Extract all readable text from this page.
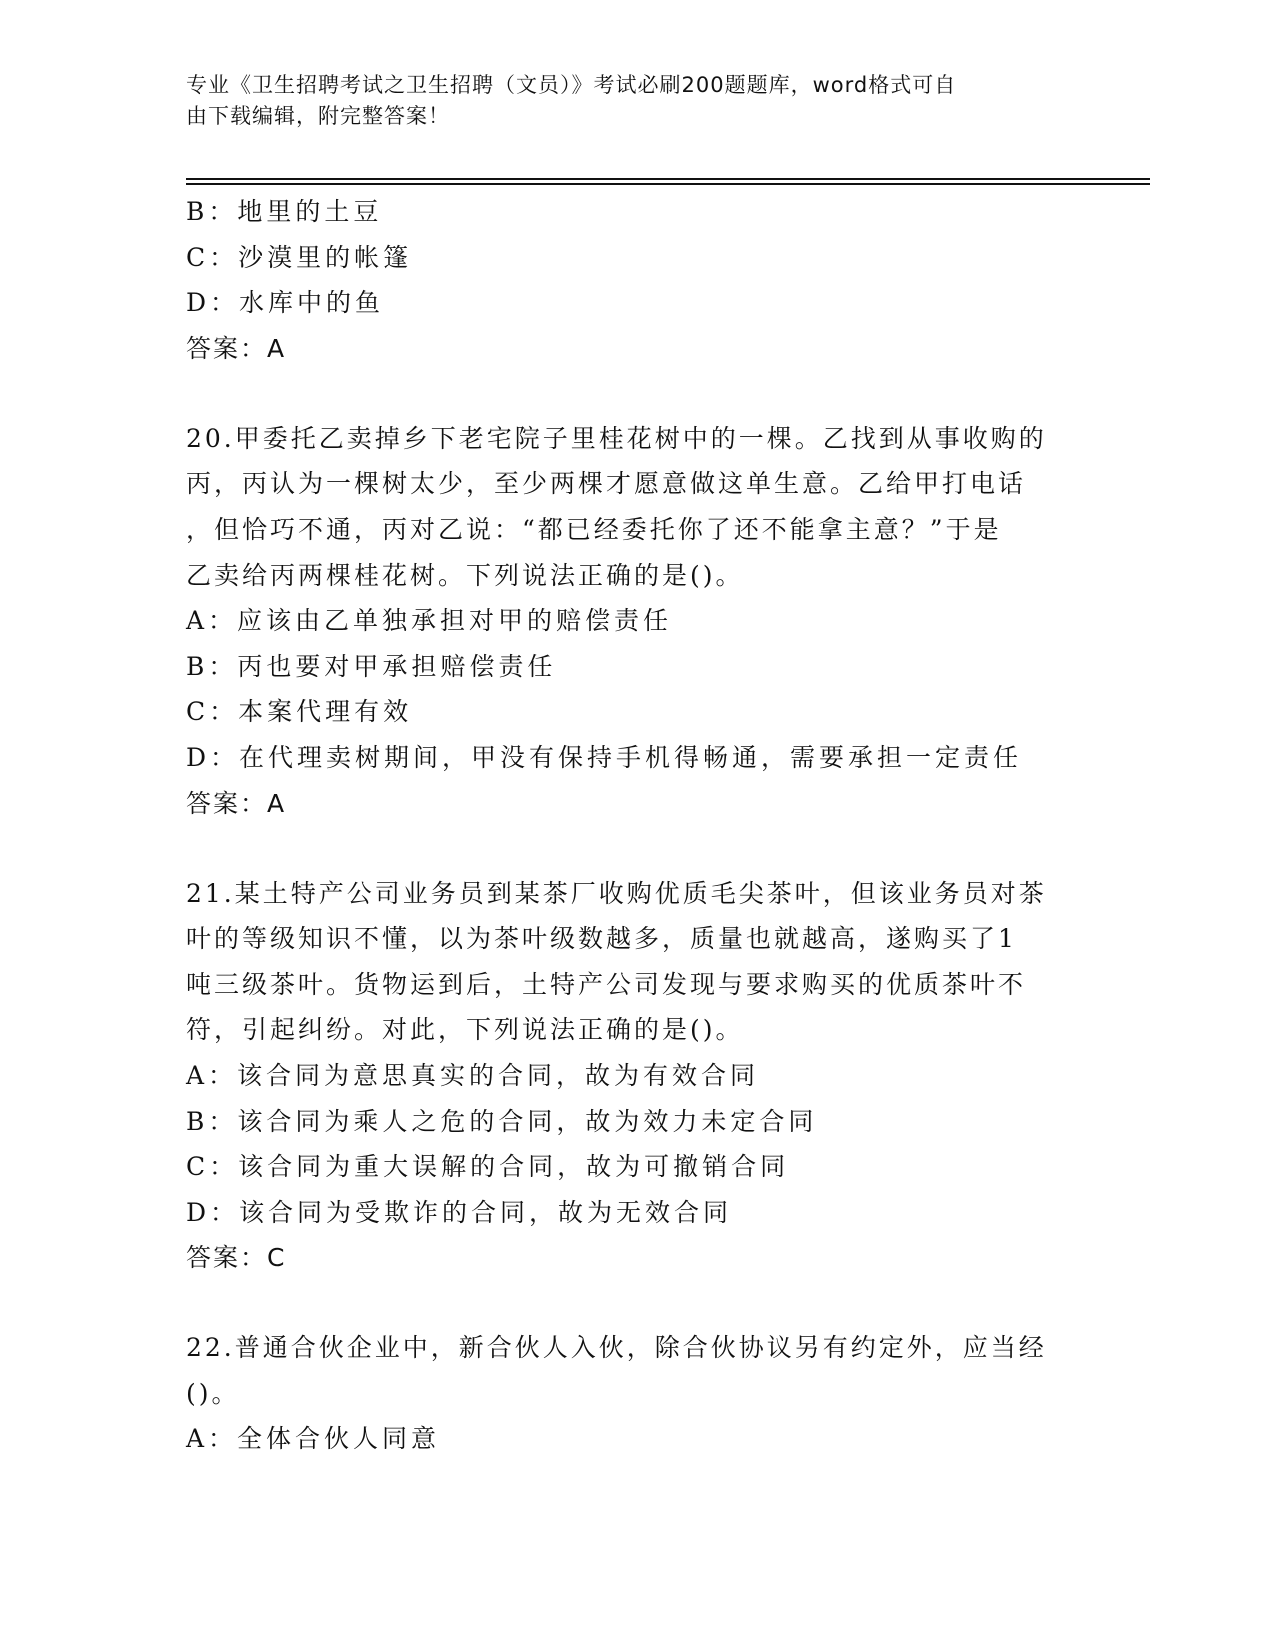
专业《卫生招聘考试之卫生招聘（文员）》考试必刷200题题库，word格式可自
由下载编辑，附完整答案！
B：地里的土豆
C：沙漠里的帐篷
D：水库中的鱼
答案：A
20.甲委托乙卖掉乡下老宅院子里桂花树中的一棵。乙找到从事收购的
丙，丙认为一棵树太少，至少两棵才愿意做这单生意。乙给甲打电话
，但恰巧不通，丙对乙说：“都已经委托你了还不能拿主意？”于是
乙卖给丙两棵桂花树。下列说法正确的是()。
A：应该由乙单独承担对甲的赔偿责任
B：丙也要对甲承担赔偿责任
C：本案代理有效
D：在代理卖树期间，甲没有保持手机得畅通，需要承担一定责任
答案：A
21.某土特产公司业务员到某茶厂收购优质毛尖茶叶，但该业务员对茶
叶的等级知识不懂，以为茶叶级数越多，质量也就越高，遂购买了1
吨三级茶叶。货物运到后，土特产公司发现与要求购买的优质茶叶不
符，引起纠纷。对此，下列说法正确的是()。
A：该合同为意思真实的合同，故为有效合同
B：该合同为乘人之危的合同，故为效力未定合同
C：该合同为重大误解的合同，故为可撤销合同
D：该合同为受欺诈的合同，故为无效合同
答案：C
22.普通合伙企业中，新合伙人入伙，除合伙协议另有约定外，应当经
()。
A：全体合伙人同意
